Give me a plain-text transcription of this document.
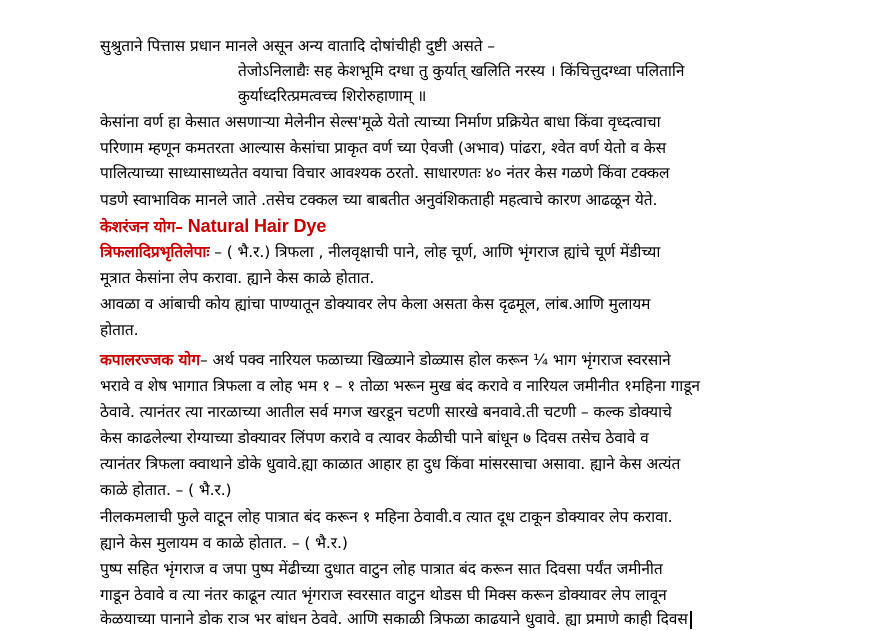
सुश्रुताने पित्तास प्रधान मानले असून अन्य वातादि दोषांचीही दुष्टी असते –
तेजोऽनिलाद्यैः सह केशभूमि दग्धा तु कुर्यात् खलिति नरस्य । किंचित्तुदग्ध्वा पलितानि
कुर्याध्दरित्प्रमत्वच्च शिरोरुहाणाम् ॥
केसांना वर्ण हा केसात असणाऱ्या मेलेनीन सेल्स'मूळे येतो त्याच्या निर्माण प्रक्रियेत बाधा किंवा वृध्दत्वाचा
परिणाम म्हणून कमतरता आल्यास केसांचा प्राकृत वर्ण च्या ऐवजी (अभाव) पांढरा, श्वेत वर्ण येतो व केस
पालित्याच्या साध्यासाध्यतेत वयाचा विचार आवश्यक ठरतो. साधारणतः ४० नंतर केस गळणे किंवा टक्कल
पडणे स्वाभाविक मानले जाते .तसेच टक्कल च्या बाबतीत अनुवंशिकताही महत्वाचे कारण आढळून येते.
केशरंजन योग– Natural Hair Dye
त्रिफलादिप्रभृतिलेपाः – ( भै.र.) त्रिफला , नीलवृक्षाची पाने, लोह चूर्ण, आणि भृंगराज ह्यांचे चूर्ण मेंडीच्या
मूत्रात केसांना लेप करावा. ह्याने केस काळे होतात.
आवळा व आंबाची कोय ह्यांचा पाण्यातून डोक्यावर लेप केला असता केस दृढमूल, लांब.आणि मुलायम
होतात.
कपालरज्जक योग– अर्थ पक्व नारियल फळाच्या खिळ्याने डोळ्यास होल करून ¼ भाग भृंगराज स्वरसाने
भरावे व शेष भागात त्रिफला व लोह भम १ – १ तोळा भरून मुख बंद करावे व नारियल जमीनीत १महिना गाडून
ठेवावे. त्यानंतर त्या नारळाच्या आतील सर्व मगज खरडून चटणी सारखे बनवावे.ती चटणी – कल्क डोक्याचे
केस काढलेल्या रोग्याच्या डोक्यावर लिंपण करावे व त्यावर केळीची पाने बांधून ७ दिवस तसेच ठेवावे व
त्यानंतर त्रिफला क्वाथाने डोके धुवावे.ह्या काळात आहार हा दुध किंवा मांसरसाचा असावा. ह्याने केस अत्यंत
काळे होतात. – ( भै.र.)
नीलकमलाची फुले वाटून लोह पात्रात बंद करून १ महिना ठेवावी.व त्यात दूध टाकून डोक्यावर लेप करावा.
ह्याने केस मुलायम व काळे होतात. – ( भै.र.)
पुष्प सहित भृंगराज व जपा पुष्प मेंढीच्या दुधात वाटुन लोह पात्रात बंद करून सात दिवसा पर्यंत जमीनीत
गाडून ठेवावे व त्या नंतर काढून त्यात भृंगराज स्वरसात वाटुन थोडस घी मिक्स करून डोक्यावर लेप लावून
केळयाच्या पानाने डोक राञ भर बांधन ठेववे. आणि सकाळी त्रिफळा काढयाने धुवावे. ह्या प्रमाणे काही दिवस
